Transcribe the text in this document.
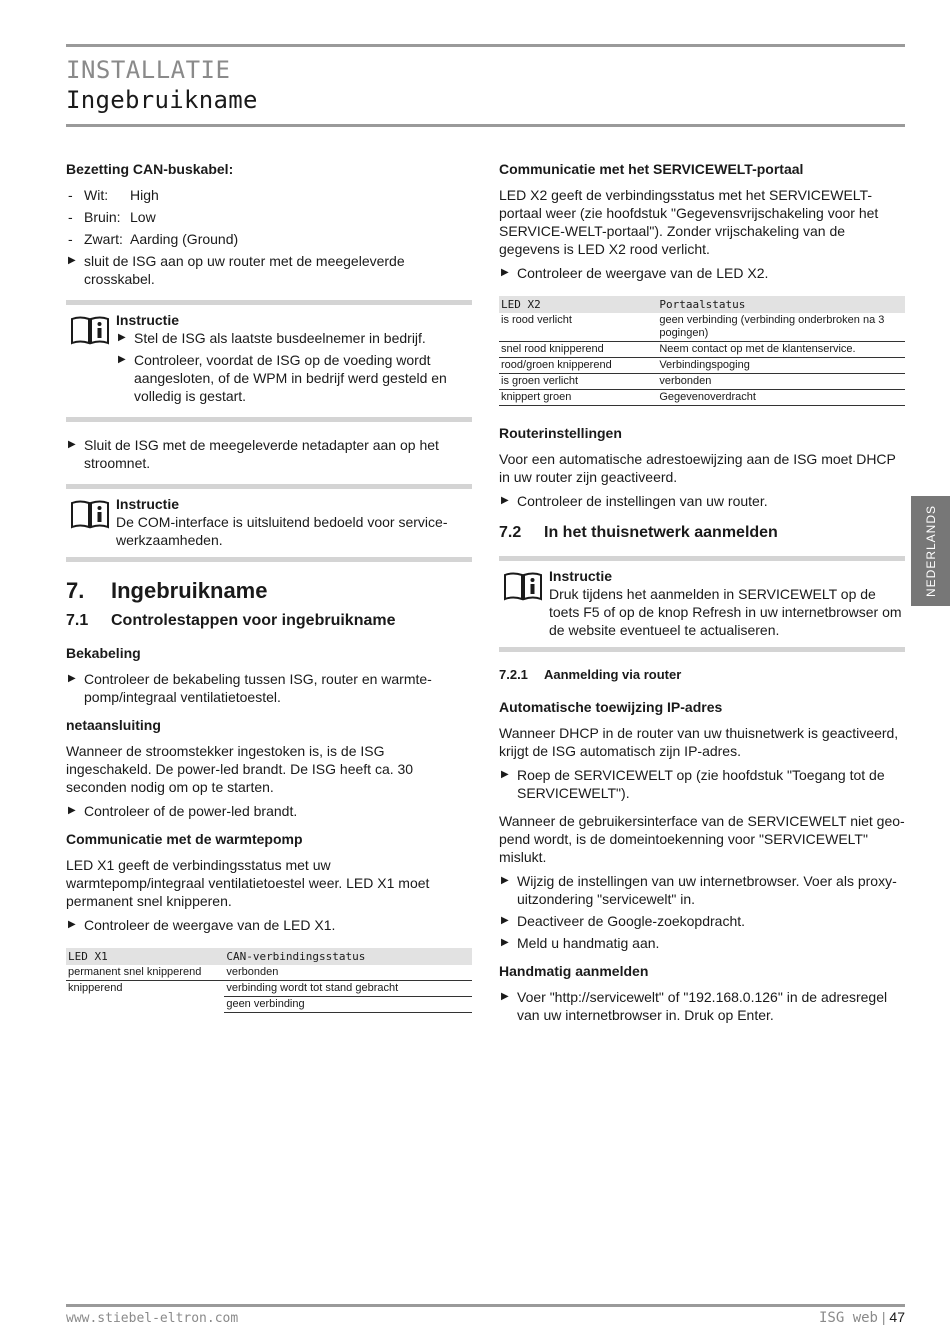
INSTALLATIE
Ingebruikname
Bezetting CAN-buskabel:
- Wit: High
- Bruin: Low
- Zwart: Aarding (Ground)
▶ sluit de ISG aan op uw router met de meegeleverde crosskabel.
Instructie
▶ Stel de ISG als laatste busdeelnemer in bedrijf.
▶ Controleer, voordat de ISG op de voeding wordt aangesloten, of de WPM in bedrijf werd gesteld en volledig is gestart.
▶ Sluit de ISG met de meegeleverde netadapter aan op het stroomnet.
Instructie
De COM-interface is uitsluitend bedoeld voor service-werkzaamheden.
7. Ingebruikname
7.1 Controlestappen voor ingebruikname
Bekabeling
▶ Controleer de bekabeling tussen ISG, router en warmte-pomp/integraal ventilatietoestel.
netaansluiting

Wanneer de stroomstekker ingestoken is, is de ISG ingeschakeld. De power-led brandt. De ISG heeft ca. 30 seconden nodig om op te starten.

▶ Controleer of de power-led brandt.
Communicatie met de warmtepomp

LED X1 geeft de verbindingsstatus met uw warmtepomp/integraal ventilatietoestel weer. LED X1 moet permanent snel knipperen.

▶ Controleer de weergave van de LED X1.
LED X1	CAN-verbindingsstatus
permanent snel knipperend	verbonden
knipperend	verbinding wordt tot stand gebracht
	geen verbinding
Communicatie met het SERVICEWELT-portaal

LED X2 geeft de verbindingsstatus met het SERVICEWELT-portaal weer (zie hoofdstuk "Gegevensvrijschakeling voor het SERVICE-WELT-portaal"). Zonder vrijschakeling van de gegevens is LED X2 rood verlicht.

▶ Controleer de weergave van de LED X2.
LED X2	Portaalstatus
is rood verlicht	geen verbinding (verbinding onderbroken na 3 pogingen)
snel rood knipperend	Neem contact op met de klantenservice.
rood/groen knipperend	Verbindingspoging
is groen verlicht	verbonden
knippert groen	Gegevenoverdracht
Routerinstellingen

Voor een automatische adrestoewijzing aan de ISG moet DHCP in uw router zijn geactiveerd.

▶ Controleer de instellingen van uw router.
7.2 In het thuisnetwerk aanmelden
Instructie
Druk tijdens het aanmelden in SERVICEWELT op de toets F5 of op de knop Refresh in uw internetbrowser om de website eventueel te actualiseren.
7.2.1 Aanmelding via router
Automatische toewijzing IP-adres

Wanneer DHCP in de router van uw thuisnetwerk is geactiveerd, krijgt de ISG automatisch zijn IP-adres.

▶ Roep de SERVICEWELT op (zie hoofdstuk "Toegang tot de SERVICEWELT").

Wanneer de gebruikersinterface van de SERVICEWELT niet geo-pend wordt, is de domeintoekenning voor "SERVICEWELT" mislukt.

▶ Wijzig de instellingen van uw internetbrowser. Voer als proxy-uitzondering "servicewelt" in.
▶ Deactiveer de Google-zoekopdracht.
▶ Meld u handmatig aan.
Handmatig aanmelden
▶ Voer "http://servicewelt" of "192.168.0.126" in de adresregel van uw internetbrowser in. Druk op Enter.
NEDERLANDS
www.stiebel-eltron.com	ISG web | 47
